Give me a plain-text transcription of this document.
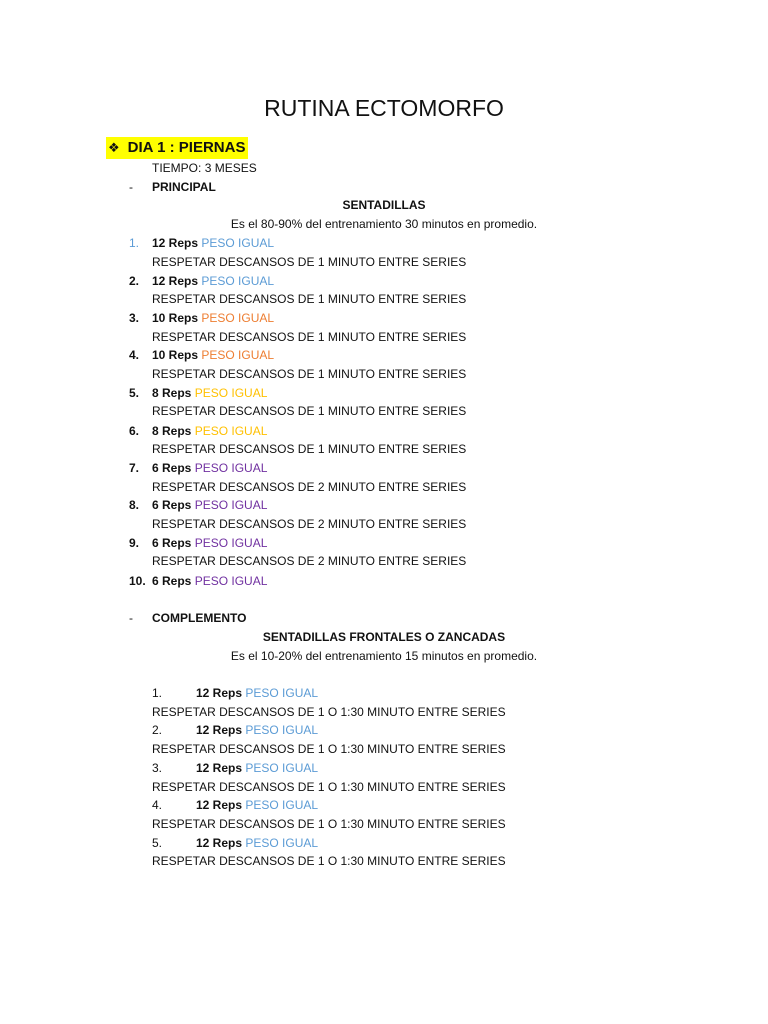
RUTINA ECTOMORFO
❖ DIA 1 : PIERNAS
TIEMPO: 3 MESES
- PRINCIPAL
SENTADILLAS
Es el 80-90% del entrenamiento 30 minutos en promedio.
1. 12 Reps PESO IGUAL
RESPETAR DESCANSOS DE 1 MINUTO ENTRE SERIES
2. 12 Reps PESO IGUAL
RESPETAR DESCANSOS DE 1 MINUTO ENTRE SERIES
3. 10 Reps PESO IGUAL
RESPETAR DESCANSOS DE 1 MINUTO ENTRE SERIES
4. 10 Reps PESO IGUAL
RESPETAR DESCANSOS DE 1 MINUTO ENTRE SERIES
5. 8 Reps PESO IGUAL
RESPETAR DESCANSOS DE 1 MINUTO ENTRE SERIES
6. 8 Reps PESO IGUAL
RESPETAR DESCANSOS DE 1 MINUTO ENTRE SERIES
7. 6 Reps PESO IGUAL
RESPETAR DESCANSOS DE 2 MINUTO ENTRE SERIES
8. 6 Reps PESO IGUAL
RESPETAR DESCANSOS DE 2 MINUTO ENTRE SERIES
9. 6 Reps PESO IGUAL
RESPETAR DESCANSOS DE 2 MINUTO ENTRE SERIES
10. 6 Reps PESO IGUAL
- COMPLEMENTO
SENTADILLAS FRONTALES O ZANCADAS
Es el 10-20% del entrenamiento 15 minutos en promedio.
1.	12 Reps PESO IGUAL
RESPETAR DESCANSOS DE 1 O 1:30 MINUTO ENTRE SERIES
2.	12 Reps PESO IGUAL
RESPETAR DESCANSOS DE 1 O 1:30 MINUTO ENTRE SERIES
3.	12 Reps PESO IGUAL
RESPETAR DESCANSOS DE 1 O 1:30 MINUTO ENTRE SERIES
4.	12 Reps PESO IGUAL
RESPETAR DESCANSOS DE 1 O 1:30 MINUTO ENTRE SERIES
5.	12 Reps PESO IGUAL
RESPETAR DESCANSOS DE 1 O 1:30 MINUTO ENTRE SERIES
